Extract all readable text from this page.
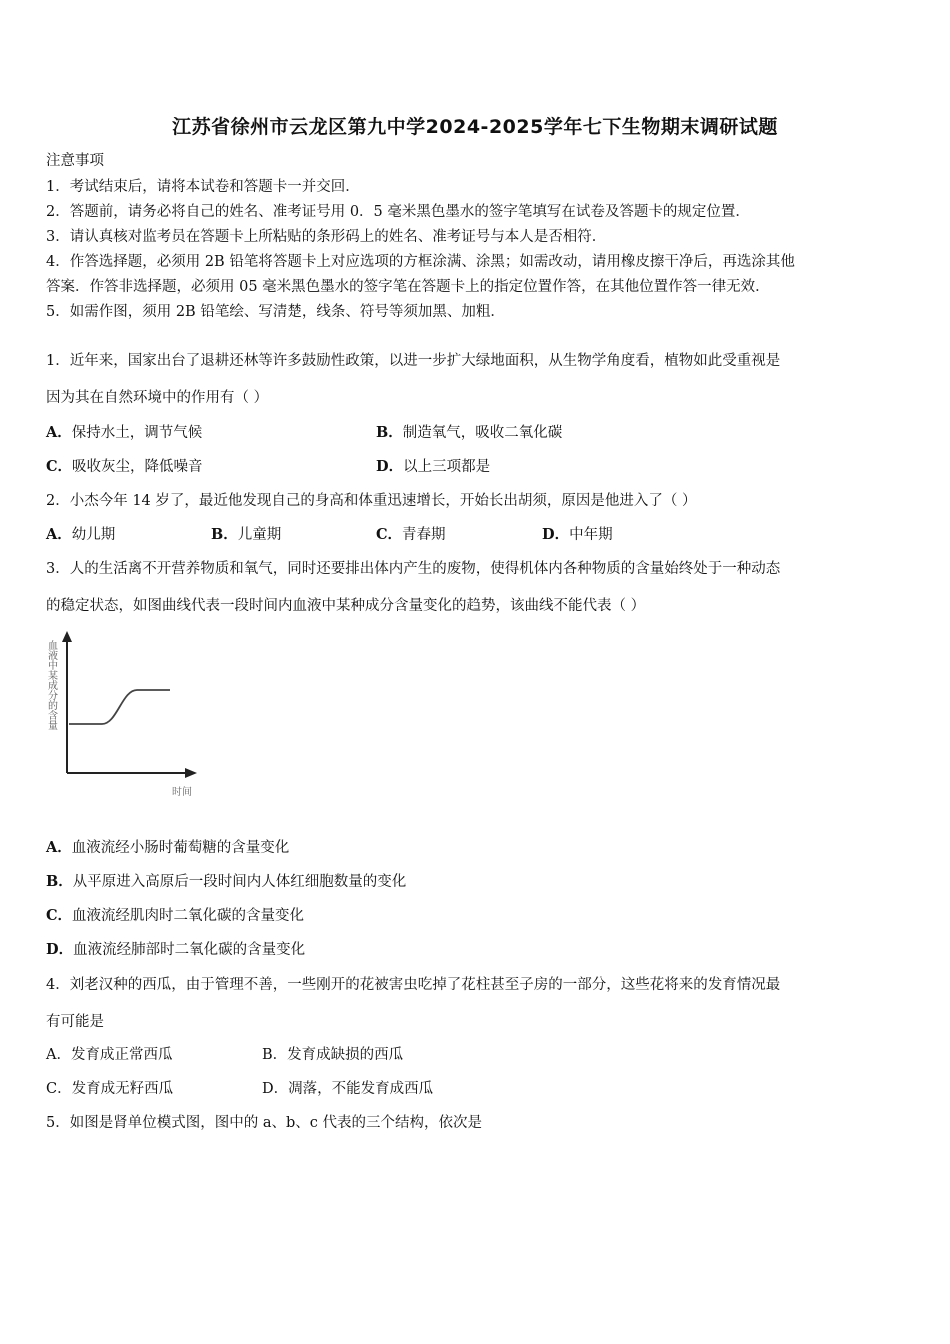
江苏省徐州市云龙区第九中学2024-2025学年七下生物期末调研试题
注意事项
1．考试结束后，请将本试卷和答题卡一并交回．
2．答题前，请务必将自己的姓名、准考证号用 0．5 毫米黑色墨水的签字笔填写在试卷及答题卡的规定位置．
3．请认真核对监考员在答题卡上所粘贴的条形码上的姓名、准考证号与本人是否相符．
4．作答选择题，必须用 2B 铅笔将答题卡上对应选项的方框涂满、涂黑；如需改动，请用橡皮擦干净后，再选涂其他
答案．作答非选择题，必须用 05 毫米黑色墨水的签字笔在答题卡上的指定位置作答，在其他位置作答一律无效．
5．如需作图，须用 2B 铅笔绘、写清楚，线条、符号等须加黑、加粗．
1．近年来，国家出台了退耕还林等许多鼓励性政策，以进一步扩大绿地面积，从生物学角度看，植物如此受重视是
因为其在自然环境中的作用有（ ）
A．保持水土，调节气候	B．制造氧气，吸收二氧化碳
C．吸收灰尘，降低噪音	D．以上三项都是
2．小杰今年 14 岁了，最近他发现自己的身高和体重迅速增长，开始长出胡须，原因是他进入了（ ）
A．幼儿期	B．儿童期	C．青春期	D．中年期
3．人的生活离不开营养物质和氧气，同时还要排出体内产生的废物，使得机体内各种物质的含量始终处于一种动态
的稳定状态，如图曲线代表一段时间内血液中某种成分含量变化的趋势，该曲线不能代表（ ）
血液中某成分的含量
时间
A．血液流经小肠时葡萄糖的含量变化
B．从平原进入高原后一段时间内人体红细胞数量的变化
C．血液流经肌肉时二氧化碳的含量变化
D．血液流经肺部时二氧化碳的含量变化
4．刘老汉种的西瓜，由于管理不善，一些刚开的花被害虫吃掉了花柱甚至子房的一部分，这些花将来的发育情况最
有可能是
A．发育成正常西瓜	B．发育成缺损的西瓜
C．发育成无籽西瓜	D．凋落，不能发育成西瓜
5．如图是肾单位模式图，图中的 a、b、c 代表的三个结构，依次是
